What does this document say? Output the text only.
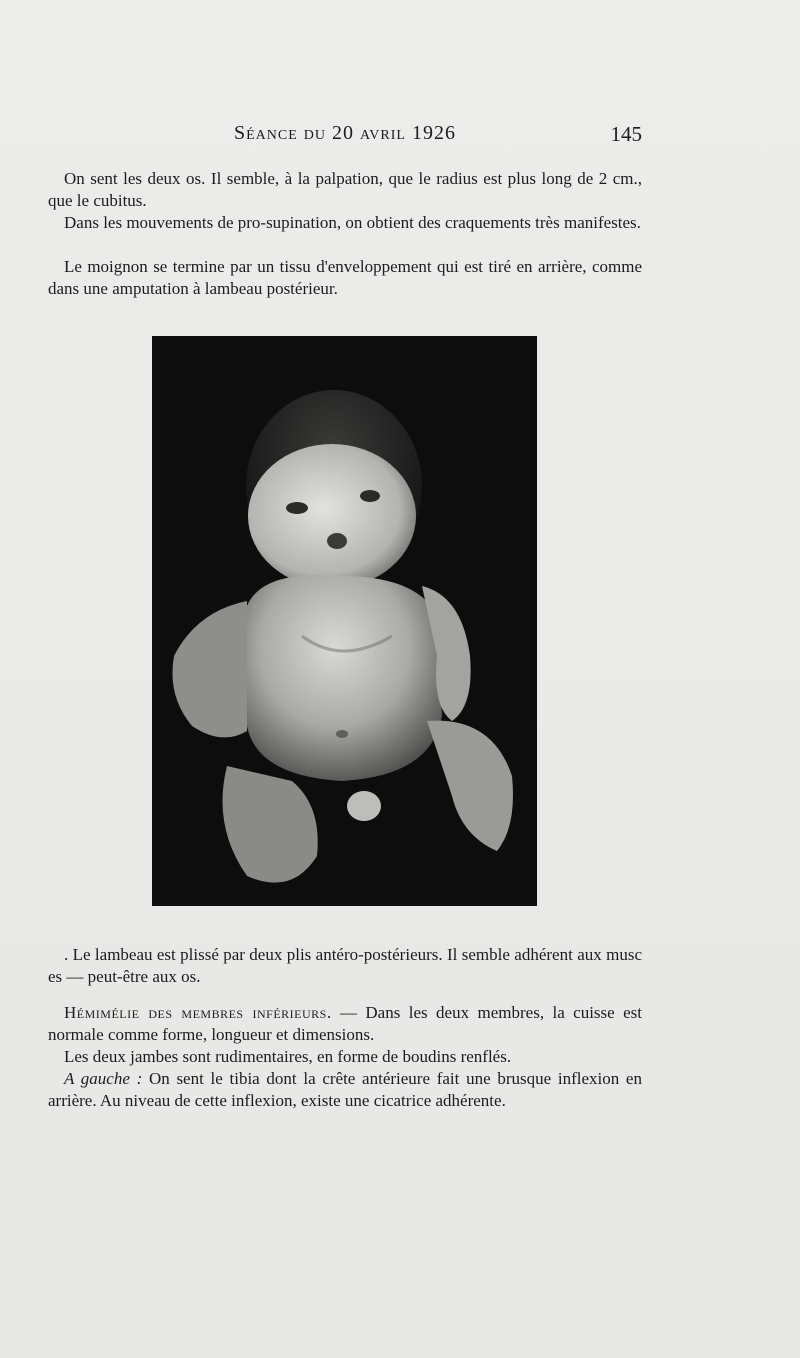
Séance du 20 avril 1926	145

On sent les deux os. Il semble, à la palpation, que le radius est plus long de 2 cm., que le cubitus.

Dans les mouvements de pro-supination, on obtient des craquements très manifestes.

Le moignon se termine par un tissu d'enveloppement qui est tiré en arrière, comme dans une amputation à lambeau postérieur.

. Le lambeau est plissé par deux plis antéro-postérieurs. Il semble adhérent aux musc es — peut-être aux os.

Hémimélie des membres inférieurs. — Dans les deux membres, la cuisse est normale comme forme, longueur et dimensions.

Les deux jambes sont rudimentaires, en forme de boudins renflés.

A gauche : On sent le tibia dont la crête antérieure fait une brusque inflexion en arrière. Au niveau de cette inflexion, existe une cicatrice adhérente.
